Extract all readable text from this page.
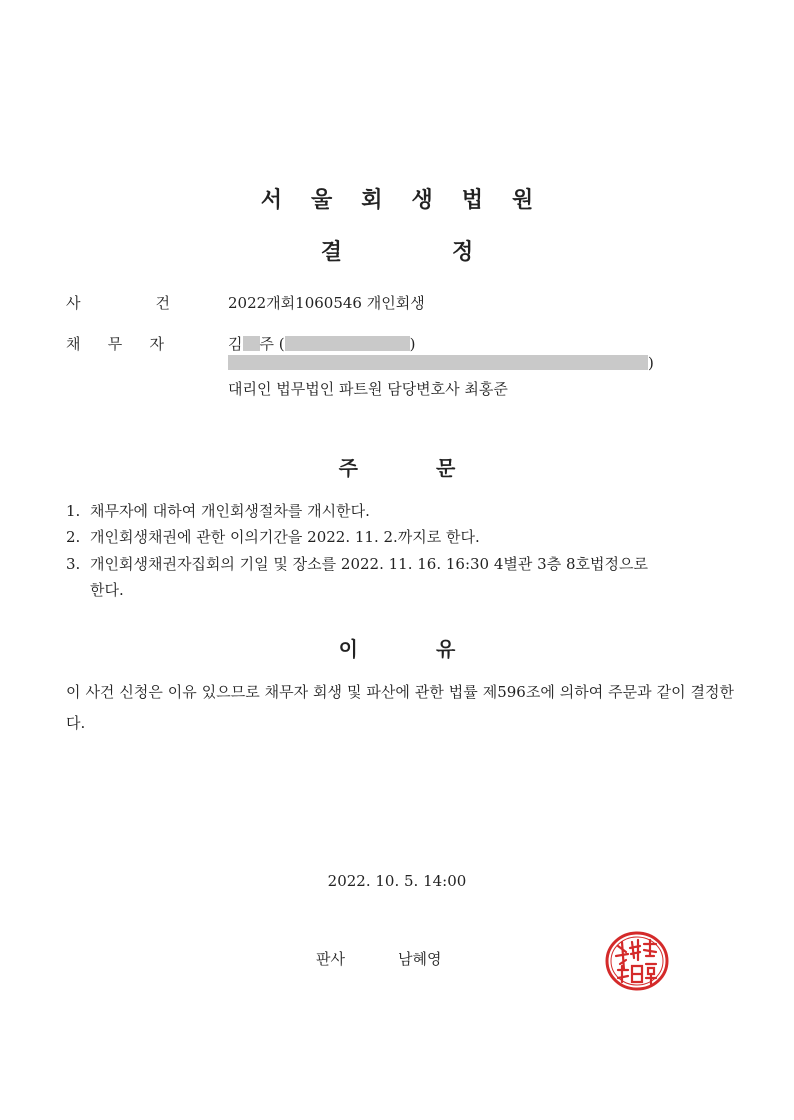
서울회생법원
결정
사	건	2022개회1060546 개인회생
채 무 자	김 주 (	)
)
대리인 법무법인 파트원 담당변호사 최홍준
주문
1. 채무자에 대하여 개인회생절차를 개시한다.
2. 개인회생채권에 관한 이의기간을 2022. 11. 2.까지로 한다.
3. 개인회생채권자집회의 기일 및 장소를 2022. 11. 16. 16:30 4별관 3층 8호법정으로
한다.
이유
이 사건 신청은 이유 있으므로 채무자 회생 및 파산에 관한 법률 제596조에 의하여 주문과 같이 결정한다.
2022. 10. 5. 14:00
판사	남혜영
